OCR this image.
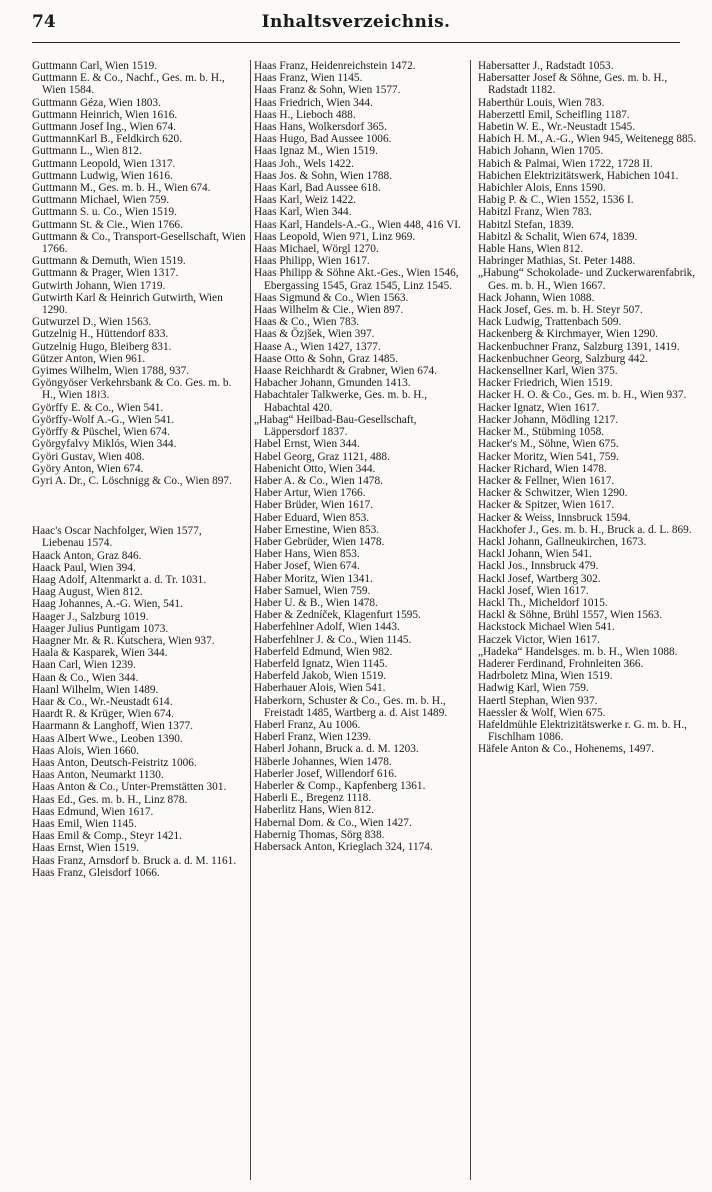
74	Inhaltsverzeichnis.

Guttmann Carl, Wien 1519.

Guttmann E. & Co., Nachf., Ges. m. b. H., Wien 1584.

Guttmann Géza, Wien 1803.

Guttmann Heinrich, Wien 1616.

Guttmann Josef Ing., Wien 674.

GuttmannKarl B., Feldkirch 620.

Guttmann L., Wien 812.

Guttmann Leopold, Wien 1317.

Guttmann Ludwig, Wien 1616.

Guttmann M., Ges. m. b. H., Wien 674.

Guttmann Michael, Wien 759.

Guttmann S. u. Co., Wien 1519.

Guttmann St. & Cie., Wien 1766.

Guttmann & Co., Transport-Gesellschaft, Wien 1766.

Guttmann & Demuth, Wien 1519.

Guttmann & Prager, Wien 1317.

Gutwirth Johann, Wien 1719.

Gutwirth Karl & Heinrich Gutwirth, Wien 1290.

Gutwurzel D., Wien 1563.

Gutzelnig H., Hüttendorf 833.

Gutzelnig Hugo, Bleiberg 831.

Gützer Anton, Wien 961.

Gyimes Wilhelm, Wien 1788, 937.

Gyöngyöser Verkehrsbank & Co. Ges. m. b. H., Wien 18≀3.

Györffy E. & Co., Wien 541.

Györffy-Wolf A.-G., Wien 541.

Györffy & Püschel, Wien 674.

Györgyfalvy Miklós, Wien 344.

Györi Gustav, Wien 408.

Györy Anton, Wien 674.

Gyri A. Dr., C. Löschnigg & Co., Wien 897.

Haac's Oscar Nachfolger, Wien 1577, Liebenau 1574.

Haack Anton, Graz 846.

Haack Paul, Wien 394.

Haag Adolf, Altenmarkt a. d. Tr. 1031.

Haag August, Wien 812.

Haag Johannes, A.-G. Wien, 541.

Haager J., Salzburg 1019.

Haager Julius Puntigam 1073.

Haagner Mr. & R. Kutschera, Wien 937.

Haala & Kasparek, Wien 344.

Haan Carl, Wien 1239.

Haan & Co., Wien 344.

Haanl Wilhelm, Wien 1489.

Haar & Co., Wr.-Neustadt 614.

Haardt R. & Krüger, Wien 674.

Haarmann & Langhoff, Wien 1377.

Haas Albert Wwe., Leoben 1390.

Haas Alois, Wien 1660.

Haas Anton, Deutsch-Feistritz 1006.

Haas Anton, Neumarkt 1130.

Haas Anton & Co., Unter-Premstätten 301.

Haas Ed., Ges. m. b. H., Linz 878.

Haas Edmund, Wien 1617.

Haas Emil, Wien 1145.

Haas Emil & Comp., Steyr 1421.

Haas Ernst, Wien 1519.

Haas Franz, Arnsdorf b. Bruck a. d. M. 1161.

Haas Franz, Gleisdorf 1066.

Haas Franz, Heidenreichstein 1472.

Haas Franz, Wien 1145.

Haas Franz & Sohn, Wien 1577.

Haas Friedrich, Wien 344.

Haas H., Lieboch 488.

Haas Hans, Wolkersdorf 365.

Haas Hugo, Bad Aussee 1006.

Haas Ignaz M., Wien 1519.

Haas Joh., Wels 1422.

Haas Jos. & Sohn, Wien 1788.

Haas Karl, Bad Aussee 618.

Haas Karl, Weiz 1422.

Haas Karl, Wien 344.

Haas Karl, Handels-A.-G., Wien 448, 416 VI.

Haas Leopold, Wien 971, Linz 969.

Haas Michael, Wörgl 1270.

Haas Philipp, Wien 1617.

Haas Philipp & Söhne Akt.-Ges., Wien 1546, Ebergassing 1545, Graz 1545, Linz 1545.

Haas Sigmund & Co., Wien 1563.

Haas Wilhelm & Cie., Wien 897.

Haas & Co., Wien 783.

Haas & Özjšek, Wien 397.

Haase A., Wien 1427, 1377.

Haase Otto & Sohn, Graz 1485.

Haase Reichhardt & Grabner, Wien 674.

Habacher Johann, Gmunden 1413.

Habachtaler Talkwerke, Ges. m. b. H., Habachtal 420.

„Habag“ Heilbad-Bau-Gesellschaft, Läppersdorf 1837.

Habel Ernst, Wien 344.

Habel Georg, Graz 1121, 488.

Habenicht Otto, Wien 344.

Haber A. & Co., Wien 1478.

Haber Artur, Wien 1766.

Haber Brüder, Wien 1617.

Haber Eduard, Wien 853.

Haber Ernestine, Wien 853.

Haber Gebrüder, Wien 1478.

Haber Hans, Wien 853.

Haber Josef, Wien 674.

Haber Moritz, Wien 1341.

Haber Samuel, Wien 759.

Haber U. & B., Wien 1478.

Haber & Zedníček, Klagenfurt 1595.

Haberfehlner Adolf, Wien 1443.

Haberfehlner J. & Co., Wien 1145.

Haberfeld Edmund, Wien 982.

Haberfeld Ignatz, Wien 1145.

Haberfeld Jakob, Wien 1519.

Haberhauer Alois, Wien 541.

Haberkorn, Schuster & Co., Ges. m. b. H., Freistadt 1485, Wartberg a. d. Aist 1489.

Haberl Franz, Au 1006.

Haberl Franz, Wien 1239.

Haberl Johann, Bruck a. d. M. 1203.

Häberle Johannes, Wien 1478.

Haberler Josef, Willendorf 616.

Haberler & Comp., Kapfenberg 1361.

Haberli E., Bregenz 1118.

Haberlitz Hans, Wien 812.

Habernal Dom. & Co., Wien 1427.

Habernig Thomas, Sörg 838.

Habersack Anton, Krieglach 324, 1174.

Habersatter J., Radstadt 1053.

Habersatter Josef & Söhne, Ges. m. b. H., Radstadt 1182.

Haberthür Louis, Wien 783.

Haberzettl Emil, Scheifling 1187.

Habetin W. E., Wr.-Neustadt 1545.

Habich H. M., A.-G., Wien 945, Weitenegg 885.

Habich Johann, Wien 1705.

Habich & Palmai, Wien 1722, 1728 II.

Habichen Elektrizitätswerk, Habichen 1041.

Habichler Alois, Enns 1590.

Habig P. & C., Wien 1552, 1536 I.

Habitzl Franz, Wien 783.

Habitzl Stefan, 1839.

Habitzl & Schalit, Wien 674, 1839.

Hable Hans, Wien 812.

Habringer Mathias, St. Peter 1488.

„Habung“ Schokolade- und Zuckerwarenfabrik, Ges. m. b. H., Wien 1667.

Hack Johann, Wien 1088.

Hack Josef, Ges. m. b. H. Steyr 507.

Hack Ludwig, Trattenbach 509.

Hackenberg & Kirchmayer, Wien 1290.

Hackenbuchner Franz, Salzburg 1391, 1419.

Hackenbuchner Georg, Salzburg 442.

Hackensellner Karl, Wien 375.

Hacker Friedrich, Wien 1519.

Hacker H. O. & Co., Ges. m. b. H., Wien 937.

Hacker Ignatz, Wien 1617.

Hacker Johann, Mödling 1217.

Hacker M., Stübming 1058.

Hacker's M., Söhne, Wien 675.

Hacker Moritz, Wien 541, 759.

Hacker Richard, Wien 1478.

Hacker & Fellner, Wien 1617.

Hacker & Schwitzer, Wien 1290.

Hacker & Spitzer, Wien 1617.

Hacker & Weiss, Innsbruck 1594.

Hackhofer J., Ges. m. b. H., Bruck a. d. L. 869.

Hackl Johann, Gallneukirchen, 1673.

Hackl Johann, Wien 541.

Hackl Jos., Innsbruck 479.

Hackl Josef, Wartberg 302.

Hackl Josef, Wien 1617.

Hackl Th., Micheldorf 1015.

Hackl & Söhne, Brühl 1557, Wien 1563.

Hackstock Michael Wien 541.

Haczek Victor, Wien 1617.

„Hadeka“ Handelsges. m. b. H., Wien 1088.

Haderer Ferdinand, Frohnleiten 366.

Hadrboletz Mina, Wien 1519.

Hadwig Karl, Wien 759.

Haertl Stephan, Wien 937.

Haessler & Wolf, Wien 675.

Hafeldmühle Elektrizitätswerke r. G. m. b. H., Fischlham 1086.

Häfele Anton & Co., Hohenems, 1497.
